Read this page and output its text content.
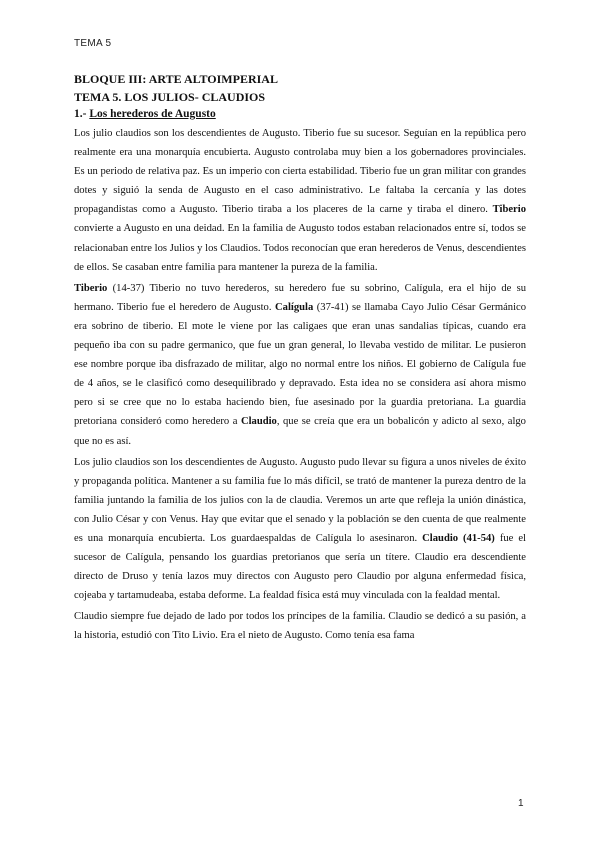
TEMA 5
BLOQUE III: ARTE ALTOIMPERIAL
TEMA 5. LOS JULIOS- CLAUDIOS
1.- Los herederos de Augusto

Los julio claudios son los descendientes de Augusto. Tiberio fue su sucesor. Seguían en la república pero realmente era una monarquía encubierta. Augusto controlaba muy bien a los gobernadores provinciales. Es un periodo de relativa paz. Es un imperio con cierta estabilidad. Tiberio fue un gran militar con grandes dotes y siguió la senda de Augusto en el caso administrativo. Le faltaba la cercanía y las dotes propagandistas como a Augusto. Tiberio tiraba a los placeres de la carne y tiraba el dinero. Tiberio convierte a Augusto en una deidad. En la familia de Augusto todos estaban relacionados entre sí, todos se relacionaban entre los Julios y los Claudios. Todos reconocían que eran herederos de Venus, descendientes de ellos. Se casaban entre familia para mantener la pureza de la familia.

Tiberio (14-37) Tiberio no tuvo herederos, su heredero fue su sobrino, Calígula, era el hijo de su hermano. Tiberio fue el heredero de Augusto. Calígula (37-41) se llamaba Cayo Julio César Germánico era sobrino de tiberio. El mote le viene por las caligaes que eran unas sandalias típicas, cuando era pequeño iba con su padre germanico, que fue un gran general, lo llevaba vestido de militar. Le pusieron ese nombre porque iba disfrazado de militar, algo no normal entre los niños. El gobierno de Calígula fue de 4 años, se le clasificó como desequilibrado y depravado. Esta idea no se considera así ahora mismo pero si se cree que no lo estaba haciendo bien, fue asesinado por la guardia pretoriana. La guardia pretoriana consideró como heredero a Claudio, que se creía que era un bobalicón y adicto al sexo, algo que no es así.

Los julio claudios son los descendientes de Augusto. Augusto pudo llevar su figura a unos niveles de éxito y propaganda política. Mantener a su familia fue lo más difícil, se trató de mantener la pureza dentro de la familia juntando la familia de los julios con la de claudia. Veremos un arte que refleja la unión dinástica, con Julio César y con Venus. Hay que evitar que el senado y la población se den cuenta de que realmente es una monarquía encubierta. Los guardaespaldas de Calígula lo asesinaron. Claudio (41-54) fue el sucesor de Calígula, pensando los guardias pretorianos que sería un títere. Claudio era descendiente directo de Druso y tenía lazos muy directos con Augusto pero Claudio por alguna enfermedad física, cojeaba y tartamudeaba, estaba deforme. La fealdad física está muy vinculada con la fealdad mental.

Claudio siempre fue dejado de lado por todos los príncipes de la familia. Claudio se dedicó a su pasión, a la historia, estudió con Tito Livio. Era el nieto de Augusto. Como tenía esa fama

1
